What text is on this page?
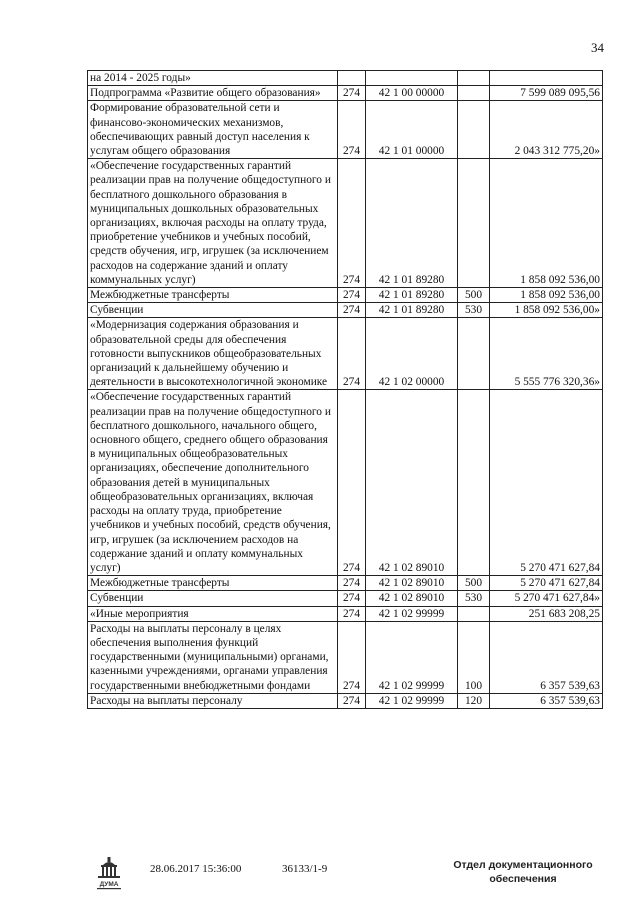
34
на 2014 - 2025 годы»				
Подпрограмма «Развитие общего образования»	274	42 1 00 00000		7 599 089 095,56
Формирование образовательной сети и финансово-экономических механизмов, обеспечивающих равный доступ населения к услугам общего образования	274	42 1 01 00000		2 043 312 775,20»
«Обеспечение государственных гарантий реализации прав на получение общедоступного и бесплатного дошкольного образования в муниципальных дошкольных образовательных организациях, включая расходы на оплату труда, приобретение учебников и учебных пособий, средств обучения, игр, игрушек (за исключением расходов на содержание зданий и оплату коммунальных услуг)	274	42 1 01 89280		1 858 092 536,00
Межбюджетные трансферты	274	42 1 01 89280	500	1 858 092 536,00
Субвенции	274	42 1 01 89280	530	1 858 092 536,00»
«Модернизация содержания образования и образовательной среды для обеспечения готовности выпускников общеобразовательных организаций к дальнейшему обучению и деятельности в высокотехнологичной экономике	274	42 1 02 00000		5 555 776 320,36»
«Обеспечение государственных гарантий реализации прав на получение общедоступного и бесплатного дошкольного, начального общего, основного общего, среднего общего образования в муниципальных общеобразовательных организациях, обеспечение дополнительного образования детей в муниципальных общеобразовательных организациях, включая расходы на оплату труда, приобретение учебников и учебных пособий, средств обучения, игр, игрушек (за исключением расходов на содержание зданий и оплату коммунальных услуг)	274	42 1 02 89010		5 270 471 627,84
Межбюджетные трансферты	274	42 1 02 89010	500	5 270 471 627,84
Субвенции	274	42 1 02 89010	530	5 270 471 627,84»
«Иные мероприятия	274	42 1 02 99999		251 683 208,25
Расходы на выплаты персоналу в целях обеспечения выполнения функций государственными (муниципальными) органами, казенными учреждениями, органами управления государственными внебюджетными фондами	274	42 1 02 99999	100	6 357 539,63
Расходы на выплаты персоналу	274	42 1 02 99999	120	6 357 539,63
ДУМА
28.06.2017 15:36:00	36133/1-9	Отдел документационного обеспечения
